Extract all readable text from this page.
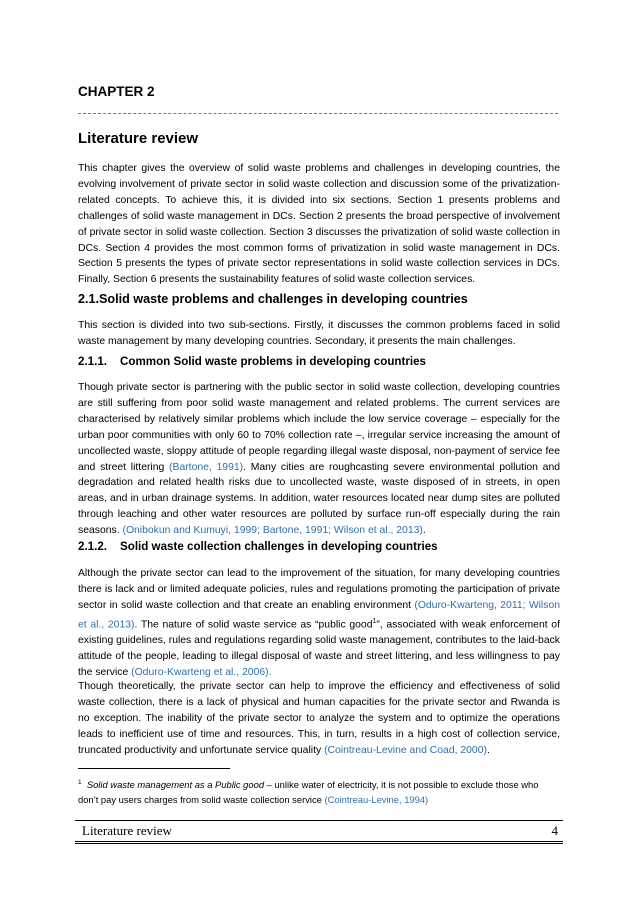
CHAPTER 2
Literature review

This chapter gives the overview of solid waste problems and challenges in developing countries, the evolving involvement of private sector in solid waste collection and discussion some of the privatization-related concepts. To achieve this, it is divided into six sections. Section 1 presents problems and challenges of solid waste management in DCs. Section 2 presents the broad perspective of involvement of private sector in solid waste collection. Section 3 discusses the privatization of solid waste collection in DCs. Section 4 provides the most common forms of privatization in solid waste management in DCs. Section 5 presents the types of private sector representations in solid waste collection services in DCs. Finally, Section 6 presents the sustainability features of solid waste collection services.

2.1.Solid waste problems and challenges in developing countries

This section is divided into two sub-sections. Firstly, it discusses the common problems faced in solid waste management by many developing countries. Secondary, it presents the main challenges.

2.1.1. Common Solid waste problems in developing countries

Though private sector is partnering with the public sector in solid waste collection, developing countries are still suffering from poor solid waste management and related problems. The current services are characterised by relatively similar problems which include the low service coverage – especially for the urban poor communities with only 60 to 70% collection rate –, irregular service increasing the amount of uncollected waste, sloppy attitude of people regarding illegal waste disposal, non-payment of service fee and street littering (Bartone, 1991). Many cities are roughcasting severe environmental pollution and degradation and related health risks due to uncollected waste, waste disposed of in streets, in open areas, and in urban drainage systems. In addition, water resources located near dump sites are polluted through leaching and other water resources are polluted by surface run-off especially during the rain seasons. (Onibokun and Kumuyi, 1999; Bartone, 1991; Wilson et al., 2013).

2.1.2. Solid waste collection challenges in developing countries

Although the private sector can lead to the improvement of the situation, for many developing countries there is lack and or limited adequate policies, rules and regulations promoting the participation of private sector in solid waste collection and that create an enabling environment (Oduro-Kwarteng, 2011; Wilson et al., 2013). The nature of solid waste service as “public good$^1$”, associated with weak enforcement of existing guidelines, rules and regulations regarding solid waste management, contributes to the laid-back attitude of the people, leading to illegal disposal of waste and street littering, and less willingness to pay the service (Oduro-Kwarteng et al., 2006).

Though theoretically, the private sector can help to improve the efficiency and effectiveness of solid waste collection, there is a lack of physical and human capacities for the private sector and Rwanda is no exception. The inability of the private sector to analyze the system and to optimize the operations leads to inefficient use of time and resources. This, in turn, results in a high cost of collection service, truncated productivity and unfortunate service quality (Cointreau-Levine and Coad, 2000).

$^1$ Solid waste management as a Public good – unlike water of electricity, it is not possible to exclude those who don’t pay users charges from solid waste collection service (Cointreau-Levine, 1994)
Literature review	4
